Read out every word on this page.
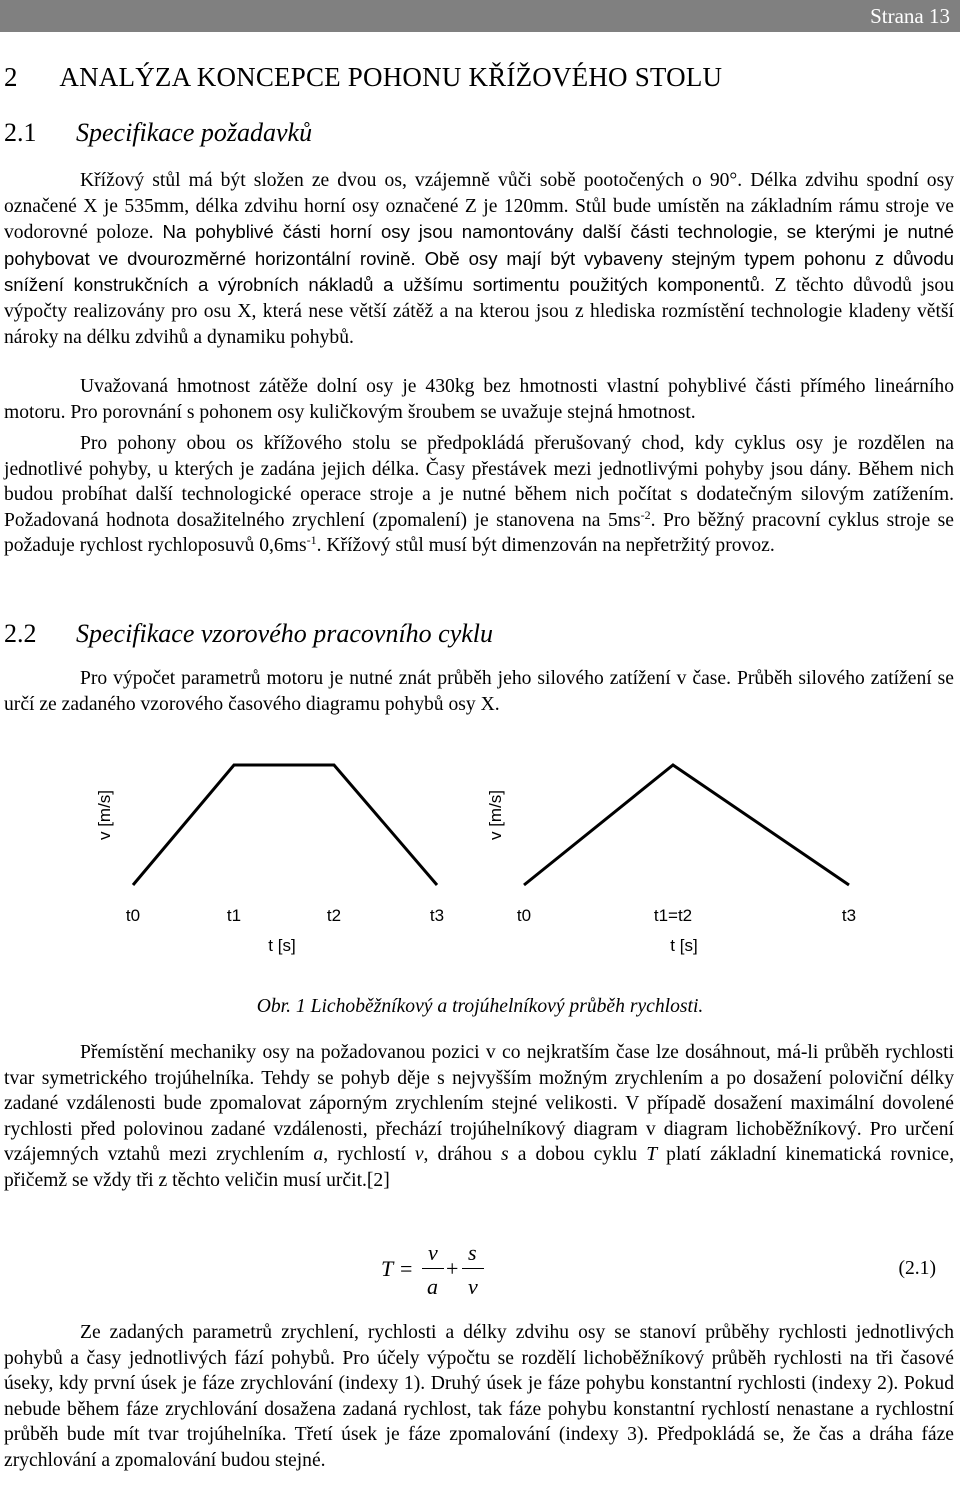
Strana 13
2 ANALÝZA KONCEPCE POHONU KŘÍŽOVÉHO STOLU
2.1 Specifikace požadavků

Křížový stůl má být složen ze dvou os, vzájemně vůči sobě pootočených o 90°. Délka zdvihu spodní osy označené X je 535mm, délka zdvihu horní osy označené Z je 120mm. Stůl bude umístěn na základním rámu stroje ve vodorovné poloze. Na pohyblivé části horní osy jsou namontovány další části technologie, se kterými je nutné pohybovat ve dvourozměrné horizontální rovině. Obě osy mají být vybaveny stejným typem pohonu z důvodu snížení konstrukčních a výrobních nákladů a užšímu sortimentu použitých komponentů. Z těchto důvodů jsou výpočty realizovány pro osu X, která nese větší zátěž a na kterou jsou z hlediska rozmístění technologie kladeny větší nároky na délku zdvihů a dynamiku pohybů.

Uvažovaná hmotnost zátěže dolní osy je 430kg bez hmotnosti vlastní pohyblivé části přímého lineárního motoru. Pro porovnání s pohonem osy kuličkovým šroubem se uvažuje stejná hmotnost.

Pro pohony obou os křížového stolu se předpokládá přerušovaný chod, kdy cyklus osy je rozdělen na jednotlivé pohyby, u kterých je zadána jejich délka. Časy přestávek mezi jednotlivými pohyby jsou dány. Během nich budou probíhat další technologické operace stroje a je nutné během nich počítat s dodatečným silovým zatížením. Požadovaná hodnota dosažitelného zrychlení (zpomalení) je stanovena na $5ms^{-2}$. Pro běžný pracovní cyklus stroje se požaduje rychlost rychloposuvů $0,6ms^{-1}$. Křížový stůl musí být dimenzován na nepřetržitý provoz.

2.2 Specifikace vzorového pracovního cyklu

Pro výpočet parametrů motoru je nutné znát průběh jeho silového zatížení v čase. Průběh silového zatížení se určí ze zadaného vzorového časového diagramu pohybů osy X.

v [m/s]
t0	t1	t2	t3
t [s]
v [m/s]
t0	t1=t2	t3
t [s]
Obr. 1 Lichoběžníkový a trojúhelníkový průběh rychlosti.

Přemístění mechaniky osy na požadovanou pozici v co nejkratším čase lze dosáhnout, má-li průběh rychlosti tvar symetrického trojúhelníka. Tehdy se pohyb děje s nejvyšším možným zrychlením a po dosažení poloviční délky zadané vzdálenosti bude zpomalovat záporným zrychlením stejné velikosti. V případě dosažení maximální dovolené rychlosti před polovinou zadané vzdálenosti, přechází trojúhelníkový diagram v diagram lichoběžníkový. Pro určení vzájemných vztahů mezi zrychlením a, rychlostí v, dráhou s a dobou cyklu T platí základní kinematická rovnice, přičemž se vždy tři z těchto veličin musí určit.[2]

T =
v
a
+
s
v
(2.1)

Ze zadaných parametrů zrychlení, rychlosti a délky zdvihu osy se stanoví průběhy rychlosti jednotlivých pohybů a časy jednotlivých fází pohybů. Pro účely výpočtu se rozdělí lichoběžníkový průběh rychlosti na tři časové úseky, kdy první úsek je fáze zrychlování (indexy 1). Druhý úsek je fáze pohybu konstantní rychlosti (indexy 2). Pokud nebude během fáze zrychlování dosažena zadaná rychlost, tak fáze pohybu konstantní rychlostí nenastane a rychlostní průběh bude mít tvar trojúhelníka. Třetí úsek je fáze zpomalování (indexy 3). Předpokládá se, že čas a dráha fáze zrychlování a zpomalování budou stejné.
